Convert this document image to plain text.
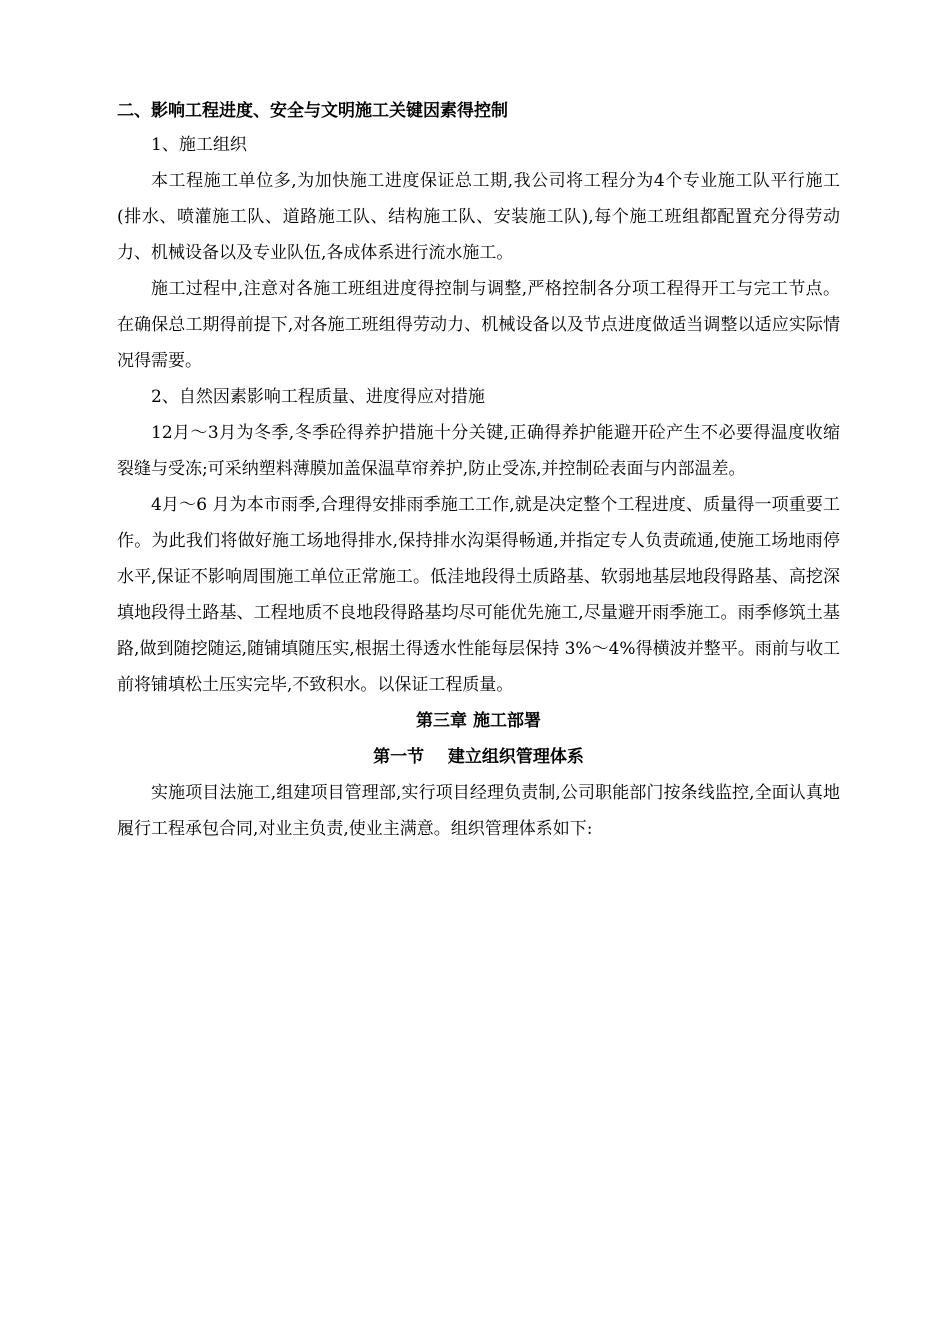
二、影响工程进度、安全与文明施工关键因素得控制
1、施工组织

本工程施工单位多,为加快施工进度保证总工期,我公司将工程分为4个专业施工队平行施工(排水、喷灌施工队、道路施工队、结构施工队、安装施工队),每个施工班组都配置充分得劳动力、机械设备以及专业队伍,各成体系进行流水施工。

施工过程中,注意对各施工班组进度得控制与调整,严格控制各分项工程得开工与完工节点。在确保总工期得前提下,对各施工班组得劳动力、机械设备以及节点进度做适当调整以适应实际情况得需要。

2、自然因素影响工程质量、进度得应对措施

12月～3月为冬季,冬季砼得养护措施十分关键,正确得养护能避开砼产生不必要得温度收缩裂缝与受冻;可采纳塑料薄膜加盖保温草帘养护,防止受冻,并控制砼表面与内部温差。

4月～6 月为本市雨季,合理得安排雨季施工工作,就是决定整个工程进度、质量得一项重要工作。为此我们将做好施工场地得排水,保持排水沟渠得畅通,并指定专人负责疏通,使施工场地雨停水平,保证不影响周围施工单位正常施工。低洼地段得土质路基、软弱地基层地段得路基、高挖深填地段得土路基、工程地质不良地段得路基均尽可能优先施工,尽量避开雨季施工。雨季修筑土基路,做到随挖随运,随铺填随压实,根据土得透水性能每层保持 3%～4%得横波并整平。雨前与收工前将铺填松土压实完毕,不致积水。以保证工程质量。

第三章 施工部署
第一节    建立组织管理体系

实施项目法施工,组建项目管理部,实行项目经理负责制,公司职能部门按条线监控,全面认真地履行工程承包合同,对业主负责,使业主满意。组织管理体系如下:
